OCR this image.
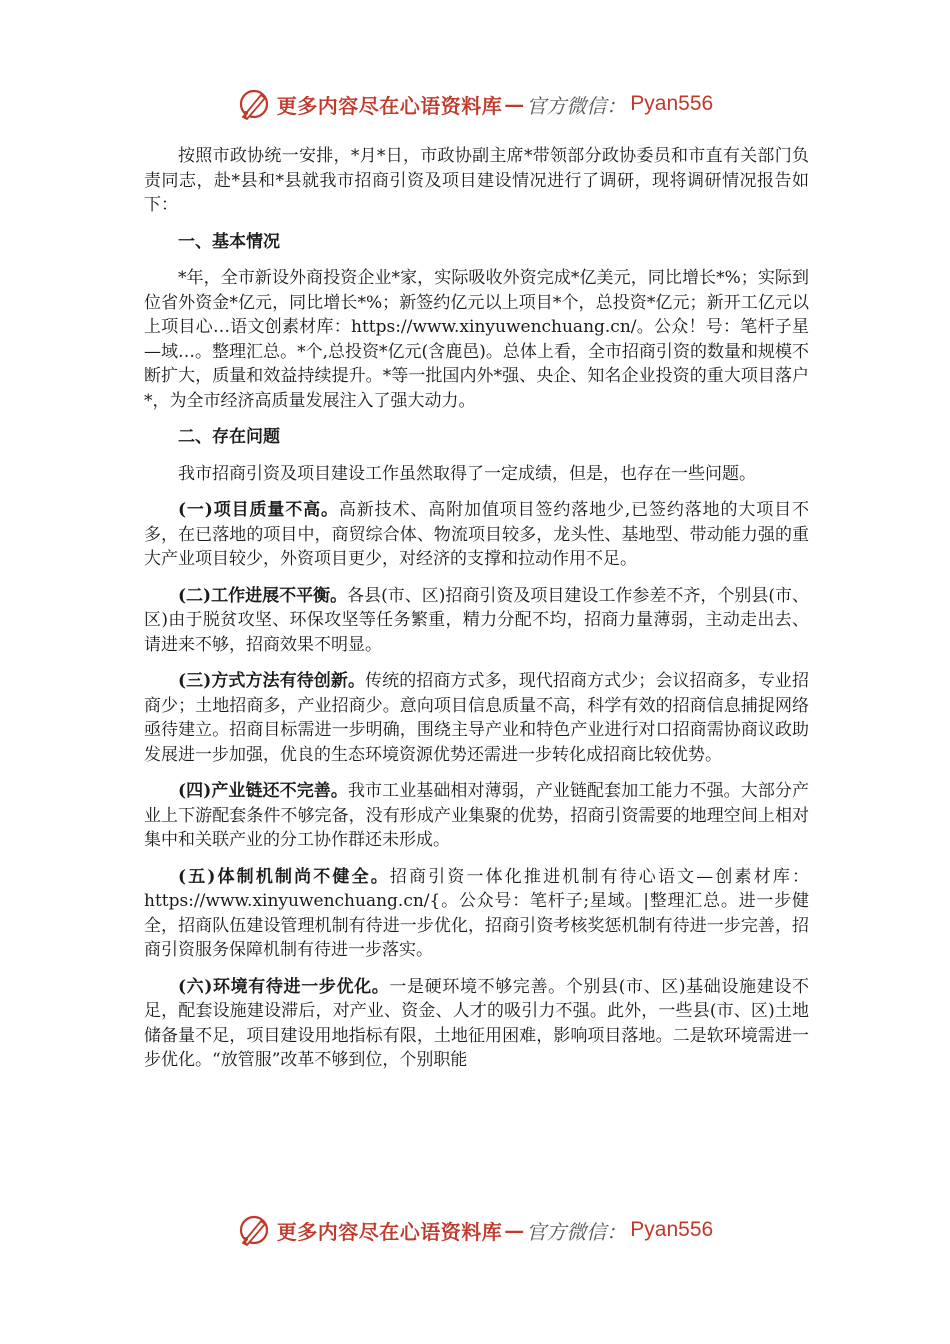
更多内容尽在心语资料库 — 官方微信： Pyan556

按照市政协统一安排，*月*日，市政协副主席*带领部分政协委员和市直有关部门负责同志，赴*县和*县就我市招商引资及项目建设情况进行了调研，现将调研情况报告如下：

一、基本情况

*年，全市新设外商投资企业*家，实际吸收外资完成*亿美元，同比增长*%；实际到位省外资金*亿元，同比增长*%；新签约亿元以上项目*个，总投资*亿元；新开工亿元以上项目心…语文创素材库：https://www.xinyuwenchuang.cn/。公众！号：笔杆子星—域…。整理汇总。*个,总投资*亿元(含鹿邑)。总体上看，全市招商引资的数量和规模不断扩大，质量和效益持续提升。*等一批国内外*强、央企、知名企业投资的重大项目落户*，为全市经济高质量发展注入了强大动力。

二、存在问题

我市招商引资及项目建设工作虽然取得了一定成绩，但是，也存在一些问题。

(一)项目质量不高。高新技术、高附加值项目签约落地少,已签约落地的大项目不多，在已落地的项目中，商贸综合体、物流项目较多，龙头性、基地型、带动能力强的重大产业项目较少，外资项目更少，对经济的支撑和拉动作用不足。

(二)工作进展不平衡。各县(市、区)招商引资及项目建设工作参差不齐，个别县(市、区)由于脱贫攻坚、环保攻坚等任务繁重，精力分配不均，招商力量薄弱，主动走出去、请进来不够，招商效果不明显。

(三)方式方法有待创新。传统的招商方式多，现代招商方式少；会议招商多，专业招商少；土地招商多，产业招商少。意向项目信息质量不高，科学有效的招商信息捕捉网络亟待建立。招商目标需进一步明确，围绕主导产业和特色产业进行对口招商需协商议政助发展进一步加强，优良的生态环境资源优势还需进一步转化成招商比较优势。

(四)产业链还不完善。我市工业基础相对薄弱，产业链配套加工能力不强。大部分产业上下游配套条件不够完备，没有形成产业集聚的优势，招商引资需要的地理空间上相对集中和关联产业的分工协作群还未形成。

(五)体制机制尚不健全。招商引资一体化推进机制有待心语文—创素材库：https://www.xinyuwenchuang.cn/{。公众号：笔杆子;星域。|整理汇总。进一步健全，招商队伍建设管理机制有待进一步优化，招商引资考核奖惩机制有待进一步完善，招商引资服务保障机制有待进一步落实。

(六)环境有待进一步优化。一是硬环境不够完善。个别县(市、区)基础设施建设不足，配套设施建设滞后，对产业、资金、人才的吸引力不强。此外，一些县(市、区)土地储备量不足，项目建设用地指标有限，土地征用困难，影响项目落地。二是软环境需进一步优化。“放管服”改革不够到位，个别职能

更多内容尽在心语资料库 — 官方微信： Pyan556
